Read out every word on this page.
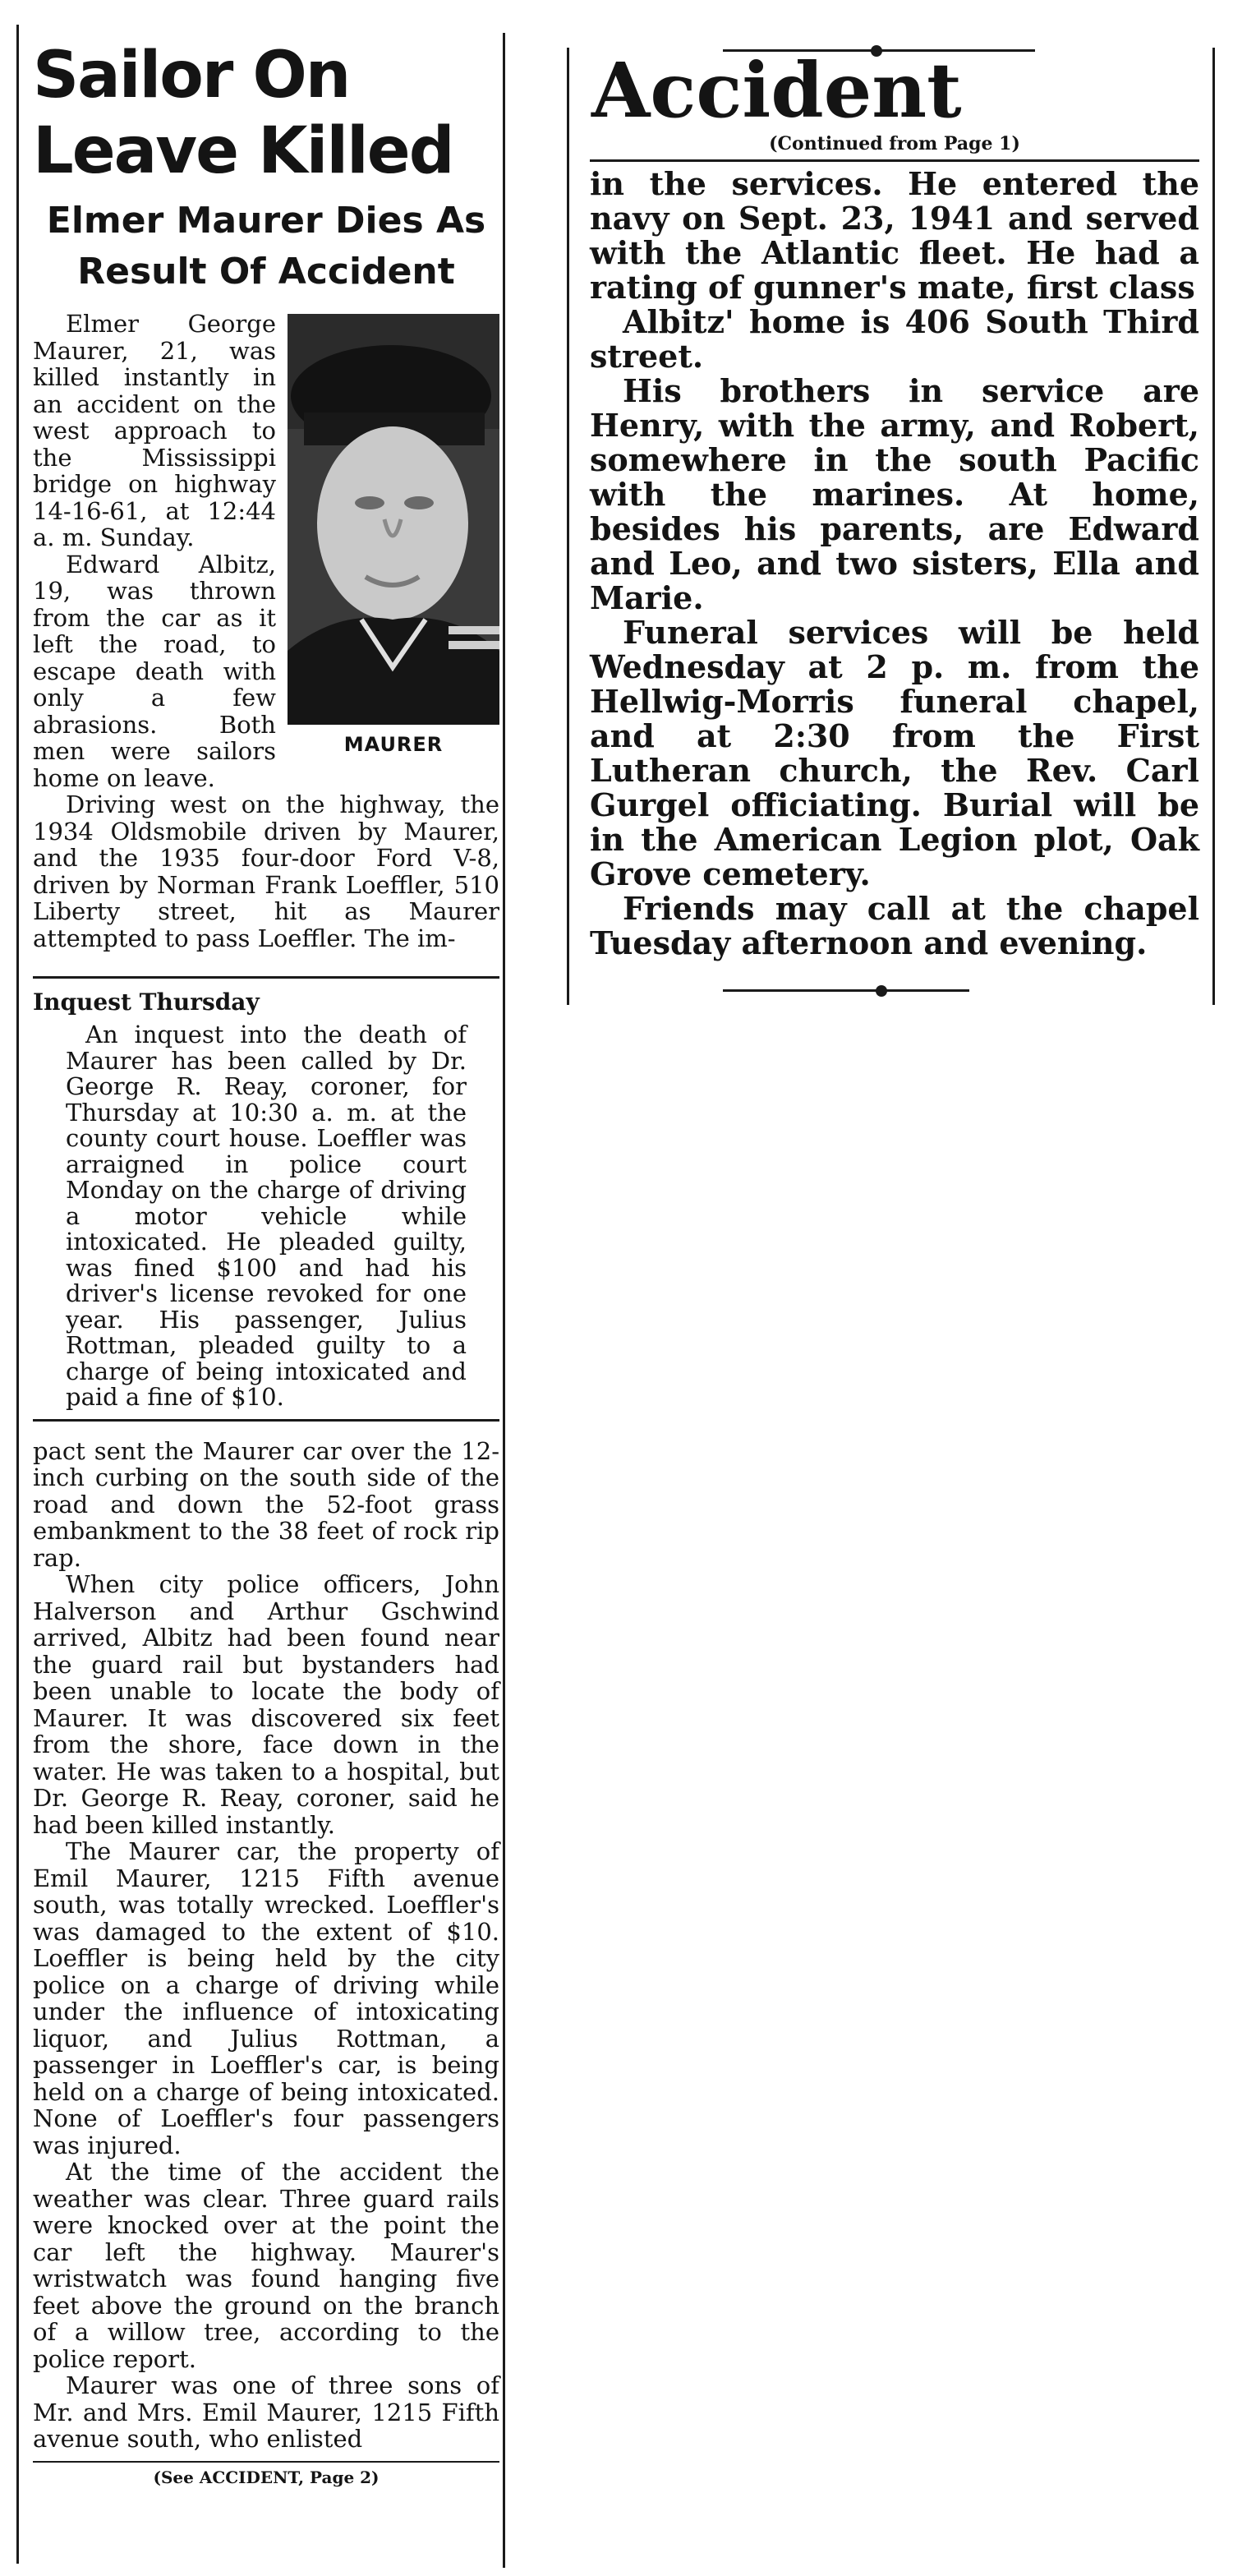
Sailor On
Leave Killed
Elmer Maurer Dies As
Result Of Accident
MAURER

Elmer George Maurer, 21, was killed instantly in an accident on the west approach to the Mississippi bridge on highway 14-16-61, at 12:44 a. m. Sunday.

Edward Albitz, 19, was thrown from the car as it left the road, to escape death with only a few abrasions. Both men were sailors home on leave.

Driving west on the highway, the 1934 Oldsmobile driven by Maurer, and the 1935 four-door Ford V-8, driven by Norman Frank Loeffler, 510 Liberty street, hit as Maurer attempted to pass Loeffler. The im-

Inquest Thursday

An inquest into the death of Maurer has been called by Dr. George R. Reay, coroner, for Thursday at 10:30 a. m. at the county court house. Loeffler was arraigned in police court Monday on the charge of driving a motor vehicle while intoxicated. He pleaded guilty, was fined $100 and had his driver's license revoked for one year. His passenger, Julius Rottman, pleaded guilty to a charge of being intoxicated and paid a fine of $10.

pact sent the Maurer car over the 12-inch curbing on the south side of the road and down the 52-foot grass embankment to the 38 feet of rock rip rap.

When city police officers, John Halverson and Arthur Gschwind arrived, Albitz had been found near the guard rail but bystanders had been unable to locate the body of Maurer. It was discovered six feet from the shore, face down in the water. He was taken to a hospital, but Dr. George R. Reay, coroner, said he had been killed instantly.

The Maurer car, the property of Emil Maurer, 1215 Fifth avenue south, was totally wrecked. Loeffler's was damaged to the extent of $10. Loeffler is being held by the city police on a charge of driving while under the influence of intoxicating liquor, and Julius Rottman, a passenger in Loeffler's car, is being held on a charge of being intoxicated. None of Loeffler's four passengers was injured.

At the time of the accident the weather was clear. Three guard rails were knocked over at the point the car left the highway. Maurer's wristwatch was found hanging five feet above the ground on the branch of a willow tree, according to the police report.

Maurer was one of three sons of Mr. and Mrs. Emil Maurer, 1215 Fifth avenue south, who enlisted

(See ACCIDENT, Page 2)
Accident
(Continued from Page 1)

in the services. He entered the navy on Sept. 23, 1941 and served with the Atlantic fleet. He had a rating of gunner's mate, first class

Albitz' home is 406 South Third street.

His brothers in service are Henry, with the army, and Robert, somewhere in the south Pacific with the marines. At home, besides his parents, are Edward and Leo, and two sisters, Ella and Marie.

Funeral services will be held Wednesday at 2 p. m. from the Hellwig-Morris funeral chapel, and at 2:30 from the First Lutheran church, the Rev. Carl Gurgel officiating. Burial will be in the American Legion plot, Oak Grove cemetery.

Friends may call at the chapel Tuesday afternoon and evening.
